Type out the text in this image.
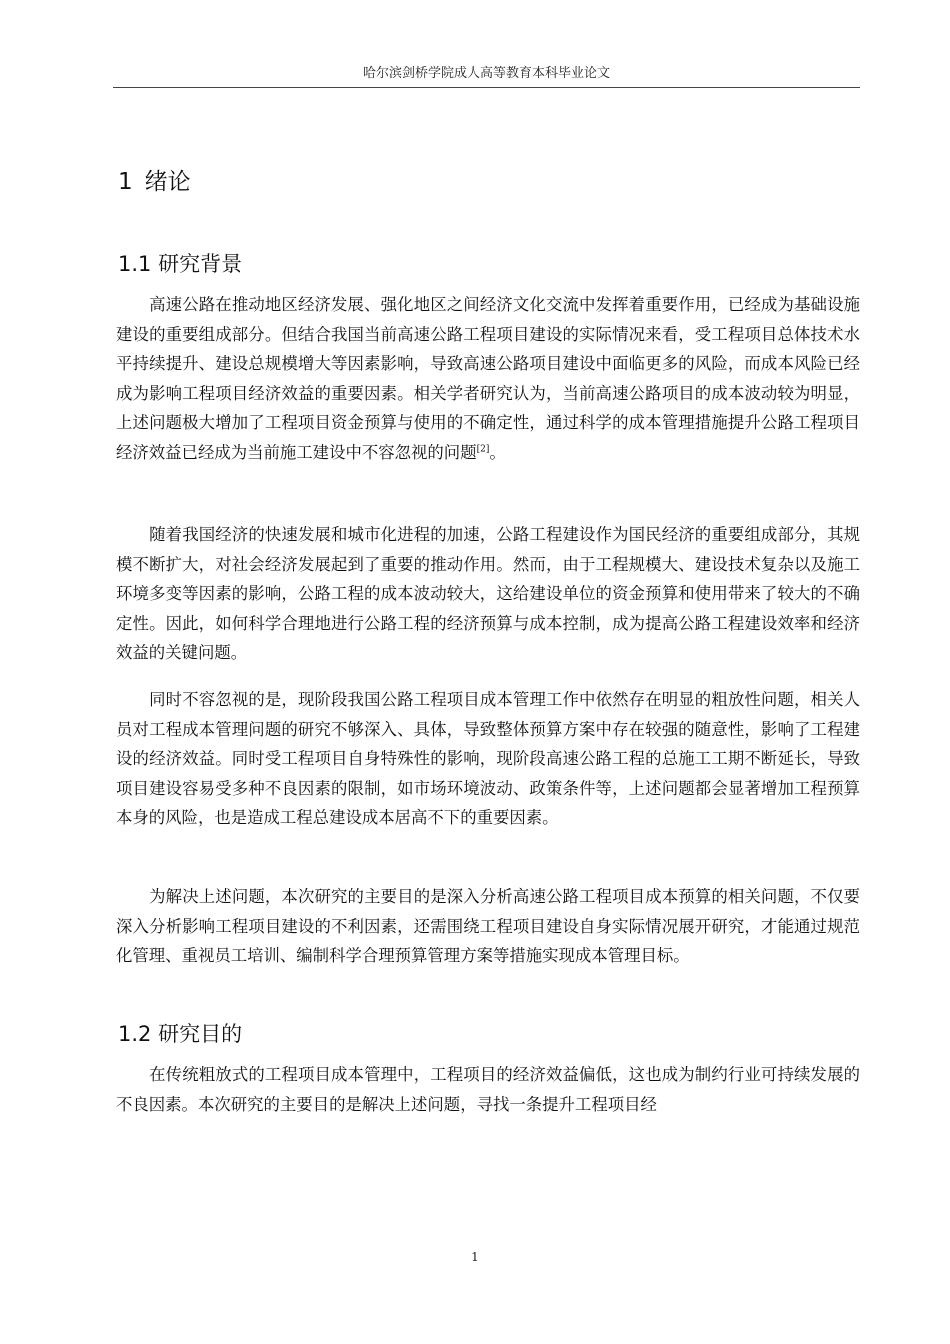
哈尔滨剑桥学院成人高等教育本科毕业论文
1 绪论
1.1 研究背景

高速公路在推动地区经济发展、强化地区之间经济文化交流中发挥着重要作用，已经成为基础设施建设的重要组成部分。但结合我国当前高速公路工程项目建设的实际情况来看，受工程项目总体技术水平持续提升、建设总规模增大等因素影响，导致高速公路项目建设中面临更多的风险，而成本风险已经成为影响工程项目经济效益的重要因素。相关学者研究认为，当前高速公路项目的成本波动较为明显，上述问题极大增加了工程项目资金预算与使用的不确定性，通过科学的成本管理措施提升公路工程项目经济效益已经成为当前施工建设中不容忽视的问题[2]。

随着我国经济的快速发展和城市化进程的加速，公路工程建设作为国民经济的重要组成部分，其规模不断扩大，对社会经济发展起到了重要的推动作用。然而，由于工程规模大、建设技术复杂以及施工环境多变等因素的影响，公路工程的成本波动较大，这给建设单位的资金预算和使用带来了较大的不确定性。因此，如何科学合理地进行公路工程的经济预算与成本控制，成为提高公路工程建设效率和经济效益的关键问题。

同时不容忽视的是，现阶段我国公路工程项目成本管理工作中依然存在明显的粗放性问题，相关人员对工程成本管理问题的研究不够深入、具体，导致整体预算方案中存在较强的随意性，影响了工程建设的经济效益。同时受工程项目自身特殊性的影响，现阶段高速公路工程的总施工工期不断延长，导致项目建设容易受多种不良因素的限制，如市场环境波动、政策条件等，上述问题都会显著增加工程预算本身的风险，也是造成工程总建设成本居高不下的重要因素。

为解决上述问题，本次研究的主要目的是深入分析高速公路工程项目成本预算的相关问题，不仅要深入分析影响工程项目建设的不利因素，还需围绕工程项目建设自身实际情况展开研究，才能通过规范化管理、重视员工培训、编制科学合理预算管理方案等措施实现成本管理目标。

1.2 研究目的

在传统粗放式的工程项目成本管理中，工程项目的经济效益偏低，这也成为制约行业可持续发展的不良因素。本次研究的主要目的是解决上述问题，寻找一条提升工程项目经

1
